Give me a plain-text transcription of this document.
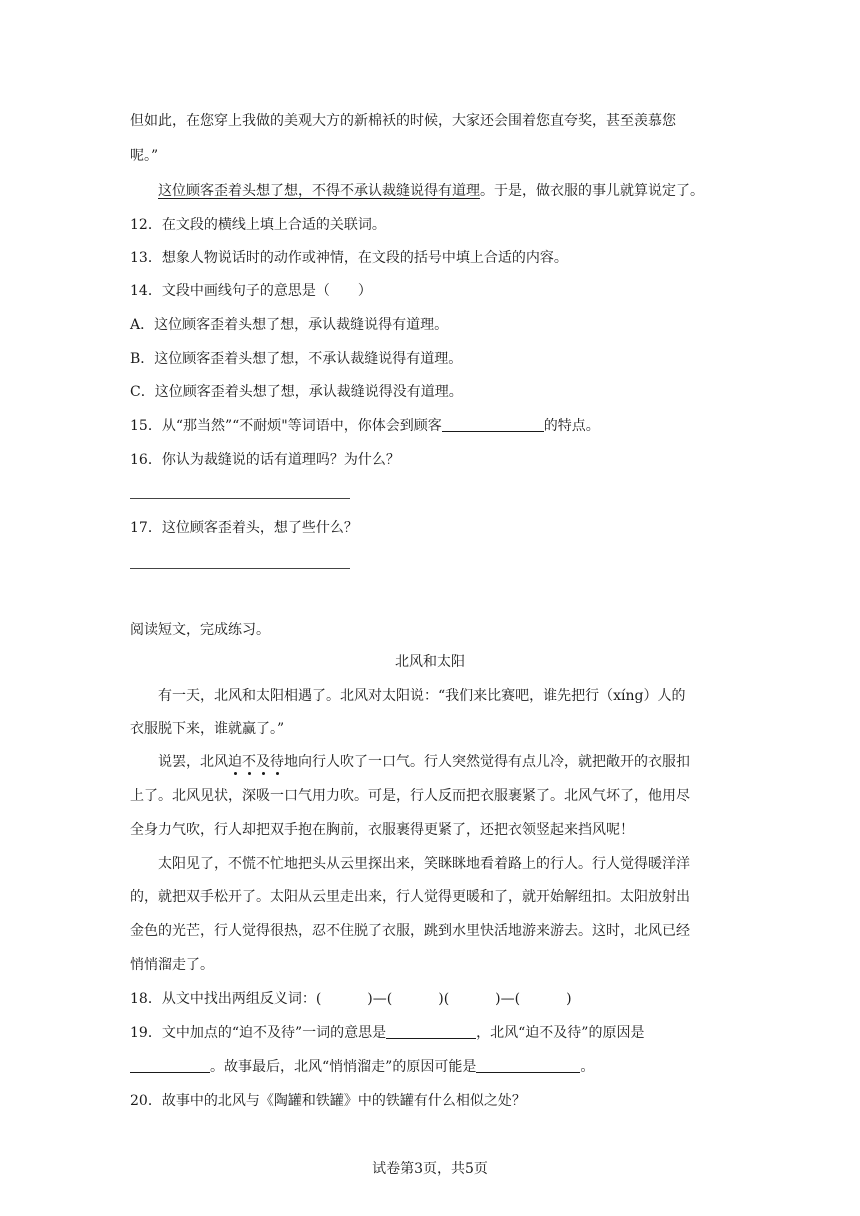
但如此，在您穿上我做的美观大方的新棉袄的时候，大家还会围着您直夸奖，甚至羡慕您
呢。”
这位顾客歪着头想了想，不得不承认裁缝说得有道理。于是，做衣服的事儿就算说定了。
12．在文段的横线上填上合适的关联词。
13．想象人物说话时的动作或神情，在文段的括号中填上合适的内容。
14．文段中画线句子的意思是（　　）
A．这位顾客歪着头想了想，承认裁缝说得有道理。
B．这位顾客歪着头想了想，不承认裁缝说得有道理。
C．这位顾客歪着头想了想，承认裁缝说得没有道理。
15．从“那当然”“不耐烦"等词语中，你体会到顾客	的特点。
16．你认为裁缝说的话有道理吗？为什么？
17．这位顾客歪着头，想了些什么？
阅读短文，完成练习。
北风和太阳
有一天，北风和太阳相遇了。北风对太阳说：“我们来比赛吧，谁先把行（xíng）人的
衣服脱下来，谁就赢了。”
说罢，北风迫不及待地向行人吹了一口气。行人突然觉得有点儿冷，就把敞开的衣服扣
上了。北风见状，深吸一口气用力吹。可是，行人反而把衣服裹紧了。北风气坏了，他用尽
全身力气吹，行人却把双手抱在胸前，衣服裹得更紧了，还把衣领竖起来挡风呢！
太阳见了，不慌不忙地把头从云里探出来，笑眯眯地看着路上的行人。行人觉得暖洋洋
的，就把双手松开了。太阳从云里走出来，行人觉得更暖和了，就开始解纽扣。太阳放射出
金色的光芒，行人觉得很热，忍不住脱了衣服，跳到水里快活地游来游去。这时，北风已经
悄悄溜走了。
18．从文中找出两组反义词：(	)—(	)(	)—(	)
19．文中加点的“迫不及待”一词的意思是	，北风“迫不及待”的原因是
。故事最后，北风“悄悄溜走”的原因可能是	。
20．故事中的北风与《陶罐和铁罐》中的铁罐有什么相似之处？
试卷第3页，共5页
